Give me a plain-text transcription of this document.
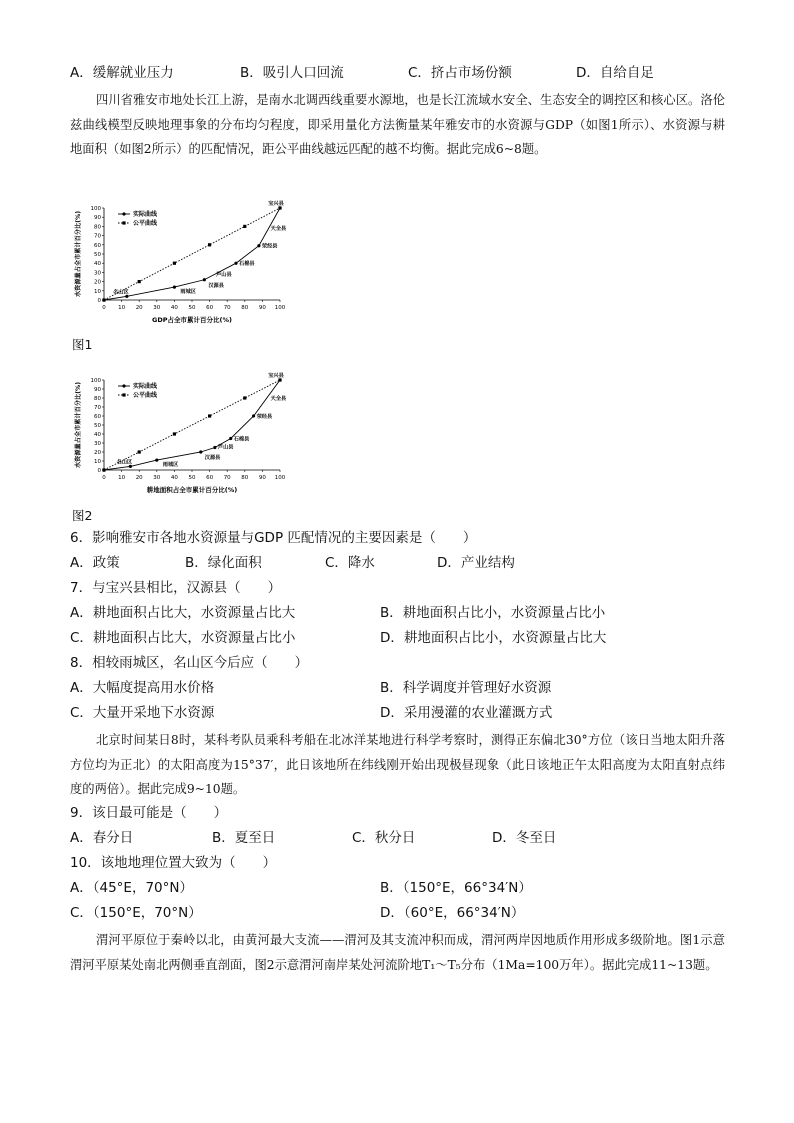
A．缓解就业压力	B．吸引人口回流	C．挤占市场份额	D．自给自足
四川省雅安市地处长江上游，是南水北调西线重要水源地，也是长江流域水安全、生态安全的调控区和核心区。洛伦兹曲线模型反映地理事象的分布均匀程度，即采用量化方法衡量某年雅安市的水资源与GDP（如图1所示）、水资源与耕地面积（如图2所示）的匹配情况，距公平曲线越远匹配的越不均衡。据此完成6~8题。
0 10 20 30 40 50 60 70 80 90 100
0
10
20
30
40
50
60
70
80
90
100
GDP占全市累计百分比(%)
水资源量占全市累计百分比(%)	实际曲线
公平曲线
名山区	雨城区
汉源县
芦山县
石棉县
荥经县
天全县
宝兴县
图1
0 10 20 30 40 50 60 70 80 90 100
0
10
20
30
40
50
60
70
80
90
100
耕地面积占全市累计百分比(%)
水资源量占全市累计百分比(%)	实际曲线
公平曲线
名山区	雨城区
汉源县
芦山县
石棉县
荥经县
天全县
宝兴县
图2
6．影响雅安市各地水资源量与GDP 匹配情况的主要因素是（　　）
A．政策	B．绿化面积	C．降水	D．产业结构
7．与宝兴县相比，汉源县（　　）
A．耕地面积占比大，水资源量占比大	B．耕地面积占比小，水资源量占比小
C．耕地面积占比大，水资源量占比小	D．耕地面积占比小，水资源量占比大
8．相较雨城区，名山区今后应（　　）
A．大幅度提高用水价格	B．科学调度并管理好水资源
C．大量开采地下水资源	D．采用漫灌的农业灌溉方式
北京时间某日8时，某科考队员乘科考船在北冰洋某地进行科学考察时，测得正东偏北30°方位（该日当地太阳升落方位均为正北）的太阳高度为15°37′，此日该地所在纬线刚开始出现极昼现象（此日该地正午太阳高度为太阳直射点纬度的两倍）。据此完成9~10题。
9．该日最可能是（　　）
A．春分日	B．夏至日	C．秋分日	D．冬至日
10．该地地理位置大致为（　　）
A．（45°E，70°N）	B．（150°E，66°34′N）
C．（150°E，70°N）	D．（60°E，66°34′N）
渭河平原位于秦岭以北，由黄河最大支流——渭河及其支流冲积而成，渭河两岸因地质作用形成多级阶地。图1示意渭河平原某处南北两侧垂直剖面，图2示意渭河南岸某处河流阶地T₁～T₅分布（1Ma=100万年）。据此完成11~13题。
